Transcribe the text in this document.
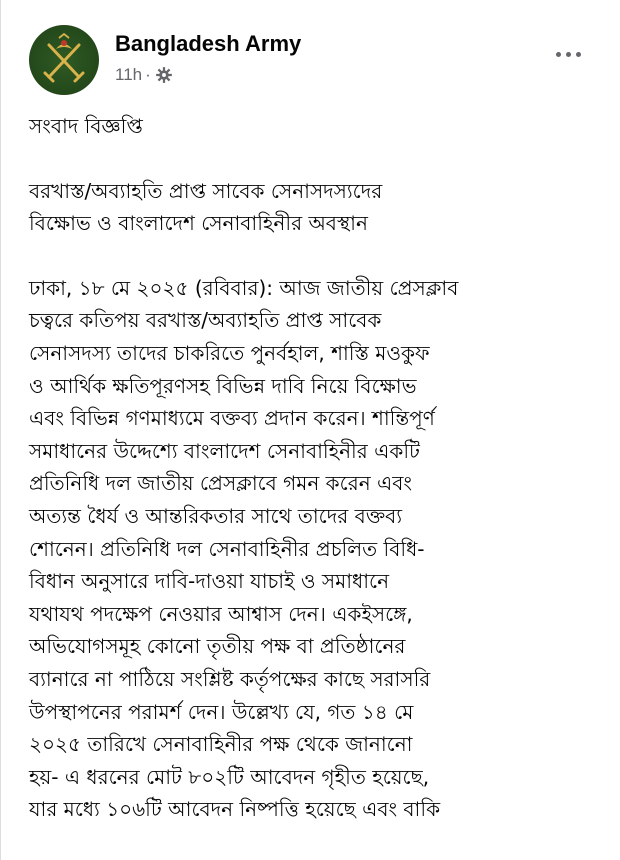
Bangladesh Army
11h ·

সংবাদ বিজ্ঞপ্তি

বরখাস্ত/অব্যাহতি প্রাপ্ত সাবেক সেনাসদস্যদের
বিক্ষোভ ও বাংলাদেশ সেনাবাহিনীর অবস্থান

ঢাকা, ১৮ মে ২০২৫ (রবিবার): আজ জাতীয় প্রেসক্লাব
চত্বরে কতিপয় বরখাস্ত/অব্যাহতি প্রাপ্ত সাবেক
সেনাসদস্য তাদের চাকরিতে পুনর্বহাল, শাস্তি মওকুফ
ও আর্থিক ক্ষতিপূরণসহ বিভিন্ন দাবি নিয়ে বিক্ষোভ
এবং বিভিন্ন গণমাধ্যমে বক্তব্য প্রদান করেন। শান্তিপূর্ণ
সমাধানের উদ্দেশ্যে বাংলাদেশ সেনাবাহিনীর একটি
প্রতিনিধি দল জাতীয় প্রেসক্লাবে গমন করেন এবং
অত্যন্ত ধৈর্য ও আন্তরিকতার সাথে তাদের বক্তব্য
শোনেন। প্রতিনিধি দল সেনাবাহিনীর প্রচলিত বিধি-
বিধান অনুসারে দাবি-দাওয়া যাচাই ও সমাধানে
যথাযথ পদক্ষেপ নেওয়ার আশ্বাস দেন। একইসঙ্গে,
অভিযোগসমূহ কোনো তৃতীয় পক্ষ বা প্রতিষ্ঠানের
ব্যানারে না পাঠিয়ে সংশ্লিষ্ট কর্তৃপক্ষের কাছে সরাসরি
উপস্থাপনের পরামর্শ দেন। উল্লেখ্য যে, গত ১৪ মে
২০২৫ তারিখে সেনাবাহিনীর পক্ষ থেকে জানানো
হয়- এ ধরনের মোট ৮০২টি আবেদন গৃহীত হয়েছে,
যার মধ্যে ১০৬টি আবেদন নিষ্পত্তি হয়েছে এবং বাকি
